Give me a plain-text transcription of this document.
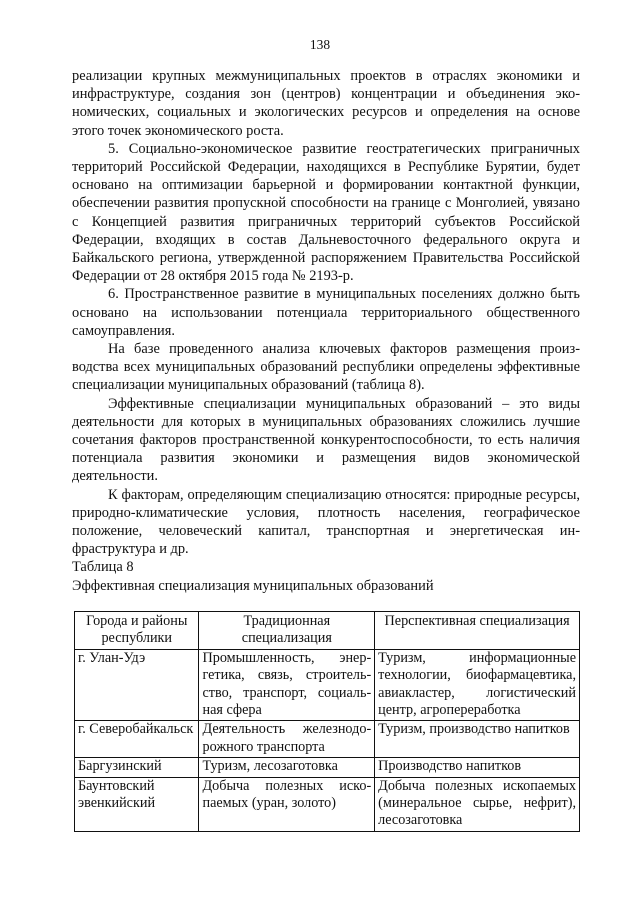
138

реализации крупных межмуниципальных проектов в отраслях экономики и инфраструктуре, создания зон (центров) концентрации и объединения экономических, социальных и экологических ресурсов и определения на основе этого точек экономического роста.

5. Социально-экономическое развитие геостратегических приграничных территорий Российской Федерации, находящихся в Республике Бурятии, будет основано на оптимизации барьерной и формировании контактной функции, обеспечении развития пропускной способности на границе с Монголией, увязано с Концепцией развития приграничных территорий субъектов Российской Федерации, входящих в состав Дальневосточного федерального округа и Байкальского региона, утвержденной распоряжением Правительства Российской Федерации от 28 октября 2015 года № 2193-р.

6. Пространственное развитие в муниципальных поселениях должно быть основано на использовании потенциала территориального общественного самоуправления.

На базе проведенного анализа ключевых факторов размещения производства всех муниципальных образований республики определены эффективные специализации муниципальных образований (таблица 8).

Эффективные специализации муниципальных образований – это виды деятельности для которых в муниципальных образованиях сложились лучшие сочетания факторов пространственной конкурентоспособности, то есть наличия потенциала развития экономики и размещения видов экономической деятельности.

К факторам, определяющим специализацию относятся: природные ресурсы, природно-климатические условия, плотность населения, географическое положение, человеческий капитал, транспортная и энергетическая инфраструктура и др.

Таблица 8

Эффективная специализация муниципальных образований

Города и районы республики	Традиционная специализация	Перспективная специализация
г. Улан-Удэ	Промышленность, энергетика, связь, строительство, транспорт, социальная сфера	Туризм, информационные технологии, биофармацевтика, авиакластер, логистический центр, агропереработка
г. Северобайкальск	Деятельность железнодорожного транспорта	Туризм, производство напитков
Баргузинский	Туризм, лесозаготовка	Производство напитков
Баунтовский эвенкийский	Добыча полезных ископаемых (уран, золото)	Добыча полезных ископаемых (минеральное сырье, нефрит), лесозаготовка
